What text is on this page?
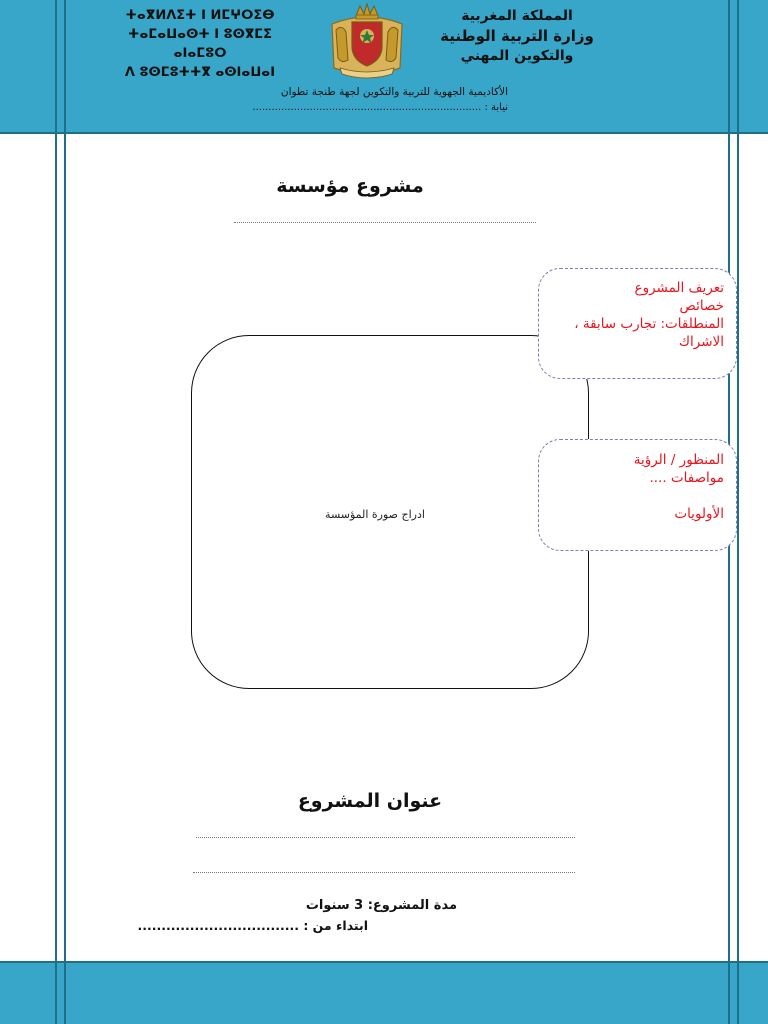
ⵜⴰⴳⵍⴷⵉⵜ ⵏ ⵍⵎⵖⵔⵉⴱ
ⵜⴰⵎⴰⵡⴰⵙⵜ ⵏ ⵓⵙⴳⵎⵉ ⴰⵏⴰⵎⵓⵔ
ⴷ ⵓⵙⵎⵓⵜⵜⴳ ⴰⵙⵏⴰⵡⴰⵏ
المملكة المغربية
وزارة التربية الوطنية
والتكوين المهني
الأكاديمية الجهوية للتربية والتكوين لجهة طنجة تطوان
نيابة : ........................................................................
مشروع مؤسسة
ادراج صورة المؤسسة
تعريف المشروع
خصائص
المنطلقات: تجارب سابقة ،
الاشراك
المنظور / الرؤية
مواصفات ....
الأولويات
عنوان المشروع
مدة المشروع: 3 سنوات
ابتداء من : ..................................
